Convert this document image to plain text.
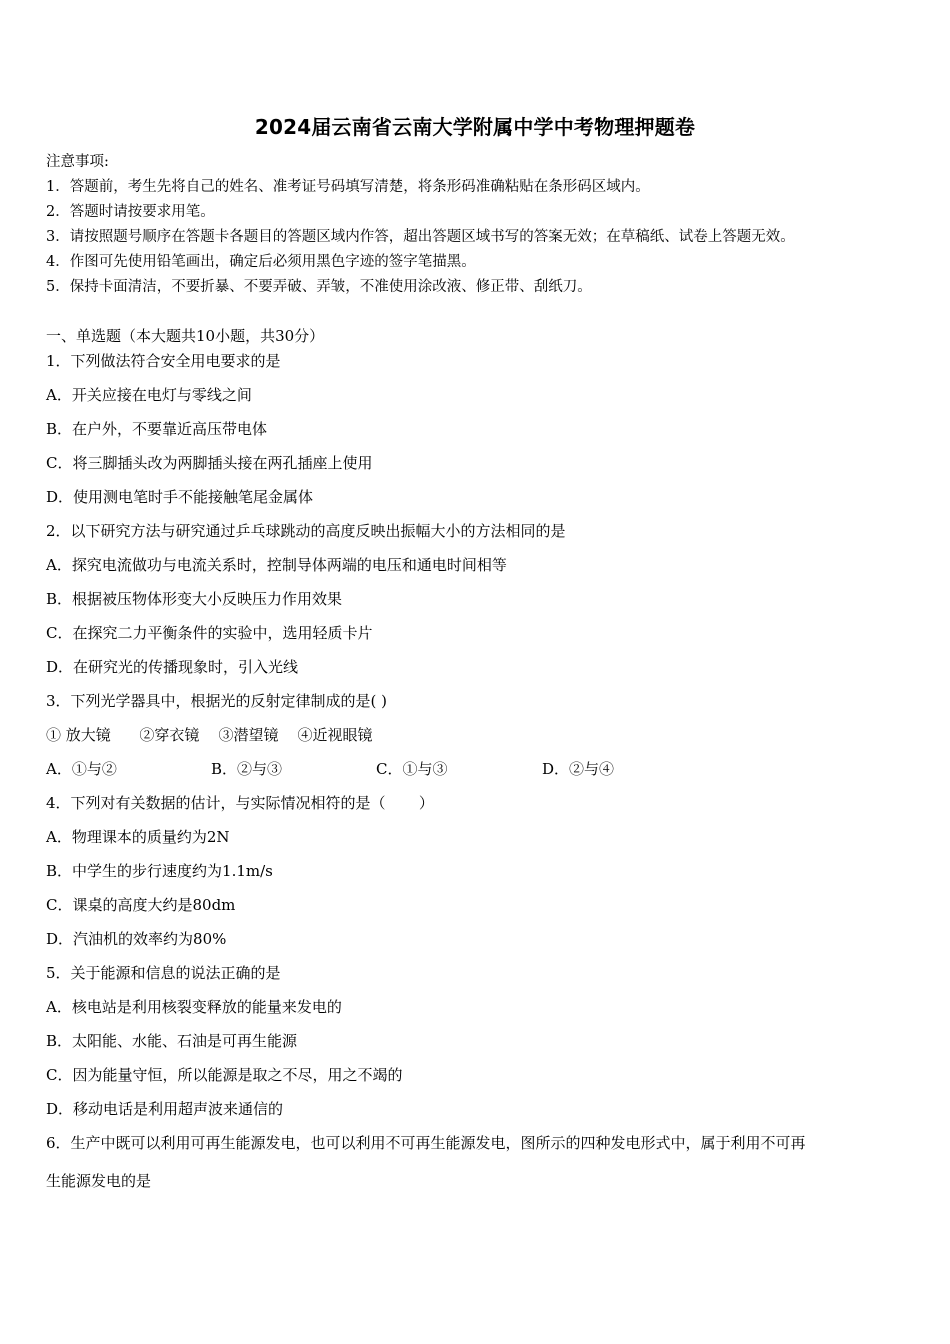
2024届云南省云南大学附属中学中考物理押题卷
注意事项:
1．答题前，考生先将自己的姓名、准考证号码填写清楚，将条形码准确粘贴在条形码区域内。
2．答题时请按要求用笔。
3．请按照题号顺序在答题卡各题目的答题区域内作答，超出答题区域书写的答案无效；在草稿纸、试卷上答题无效。
4．作图可先使用铅笔画出，确定后必须用黑色字迹的签字笔描黑。
5．保持卡面清洁，不要折暴、不要弄破、弄皱，不准使用涂改液、修正带、刮纸刀。
一、单选题（本大题共10小题，共30分）
1．下列做法符合安全用电要求的是
A．开关应接在电灯与零线之间
B．在户外，不要靠近高压带电体
C．将三脚插头改为两脚插头接在两孔插座上使用
D．使用测电笔时手不能接触笔尾金属体
2．以下研究方法与研究通过乒乓球跳动的高度反映出振幅大小的方法相同的是
A．探究电流做功与电流关系时，控制导体两端的电压和通电时间相等
B．根据被压物体形变大小反映压力作用效果
C．在探究二力平衡条件的实验中，选用轻质卡片
D．在研究光的传播现象时，引入光线
3．下列光学器具中，根据光的反射定律制成的是( )
① 放大镜      ②穿衣镜    ③潜望镜    ④近视眼镜
A．①与②	B．②与③	C．①与③	D．②与④
4．下列对有关数据的估计，与实际情况相符的是（       ）
A．物理课本的质量约为2N
B．中学生的步行速度约为1.1m/s
C．课桌的高度大约是80dm
D．汽油机的效率约为80%
5．关于能源和信息的说法正确的是
A．核电站是利用核裂变释放的能量来发电的
B．太阳能、水能、石油是可再生能源
C．因为能量守恒，所以能源是取之不尽，用之不竭的
D．移动电话是利用超声波来通信的
6．生产中既可以利用可再生能源发电，也可以利用不可再生能源发电，图所示的四种发电形式中，属于利用不可再
生能源发电的是
